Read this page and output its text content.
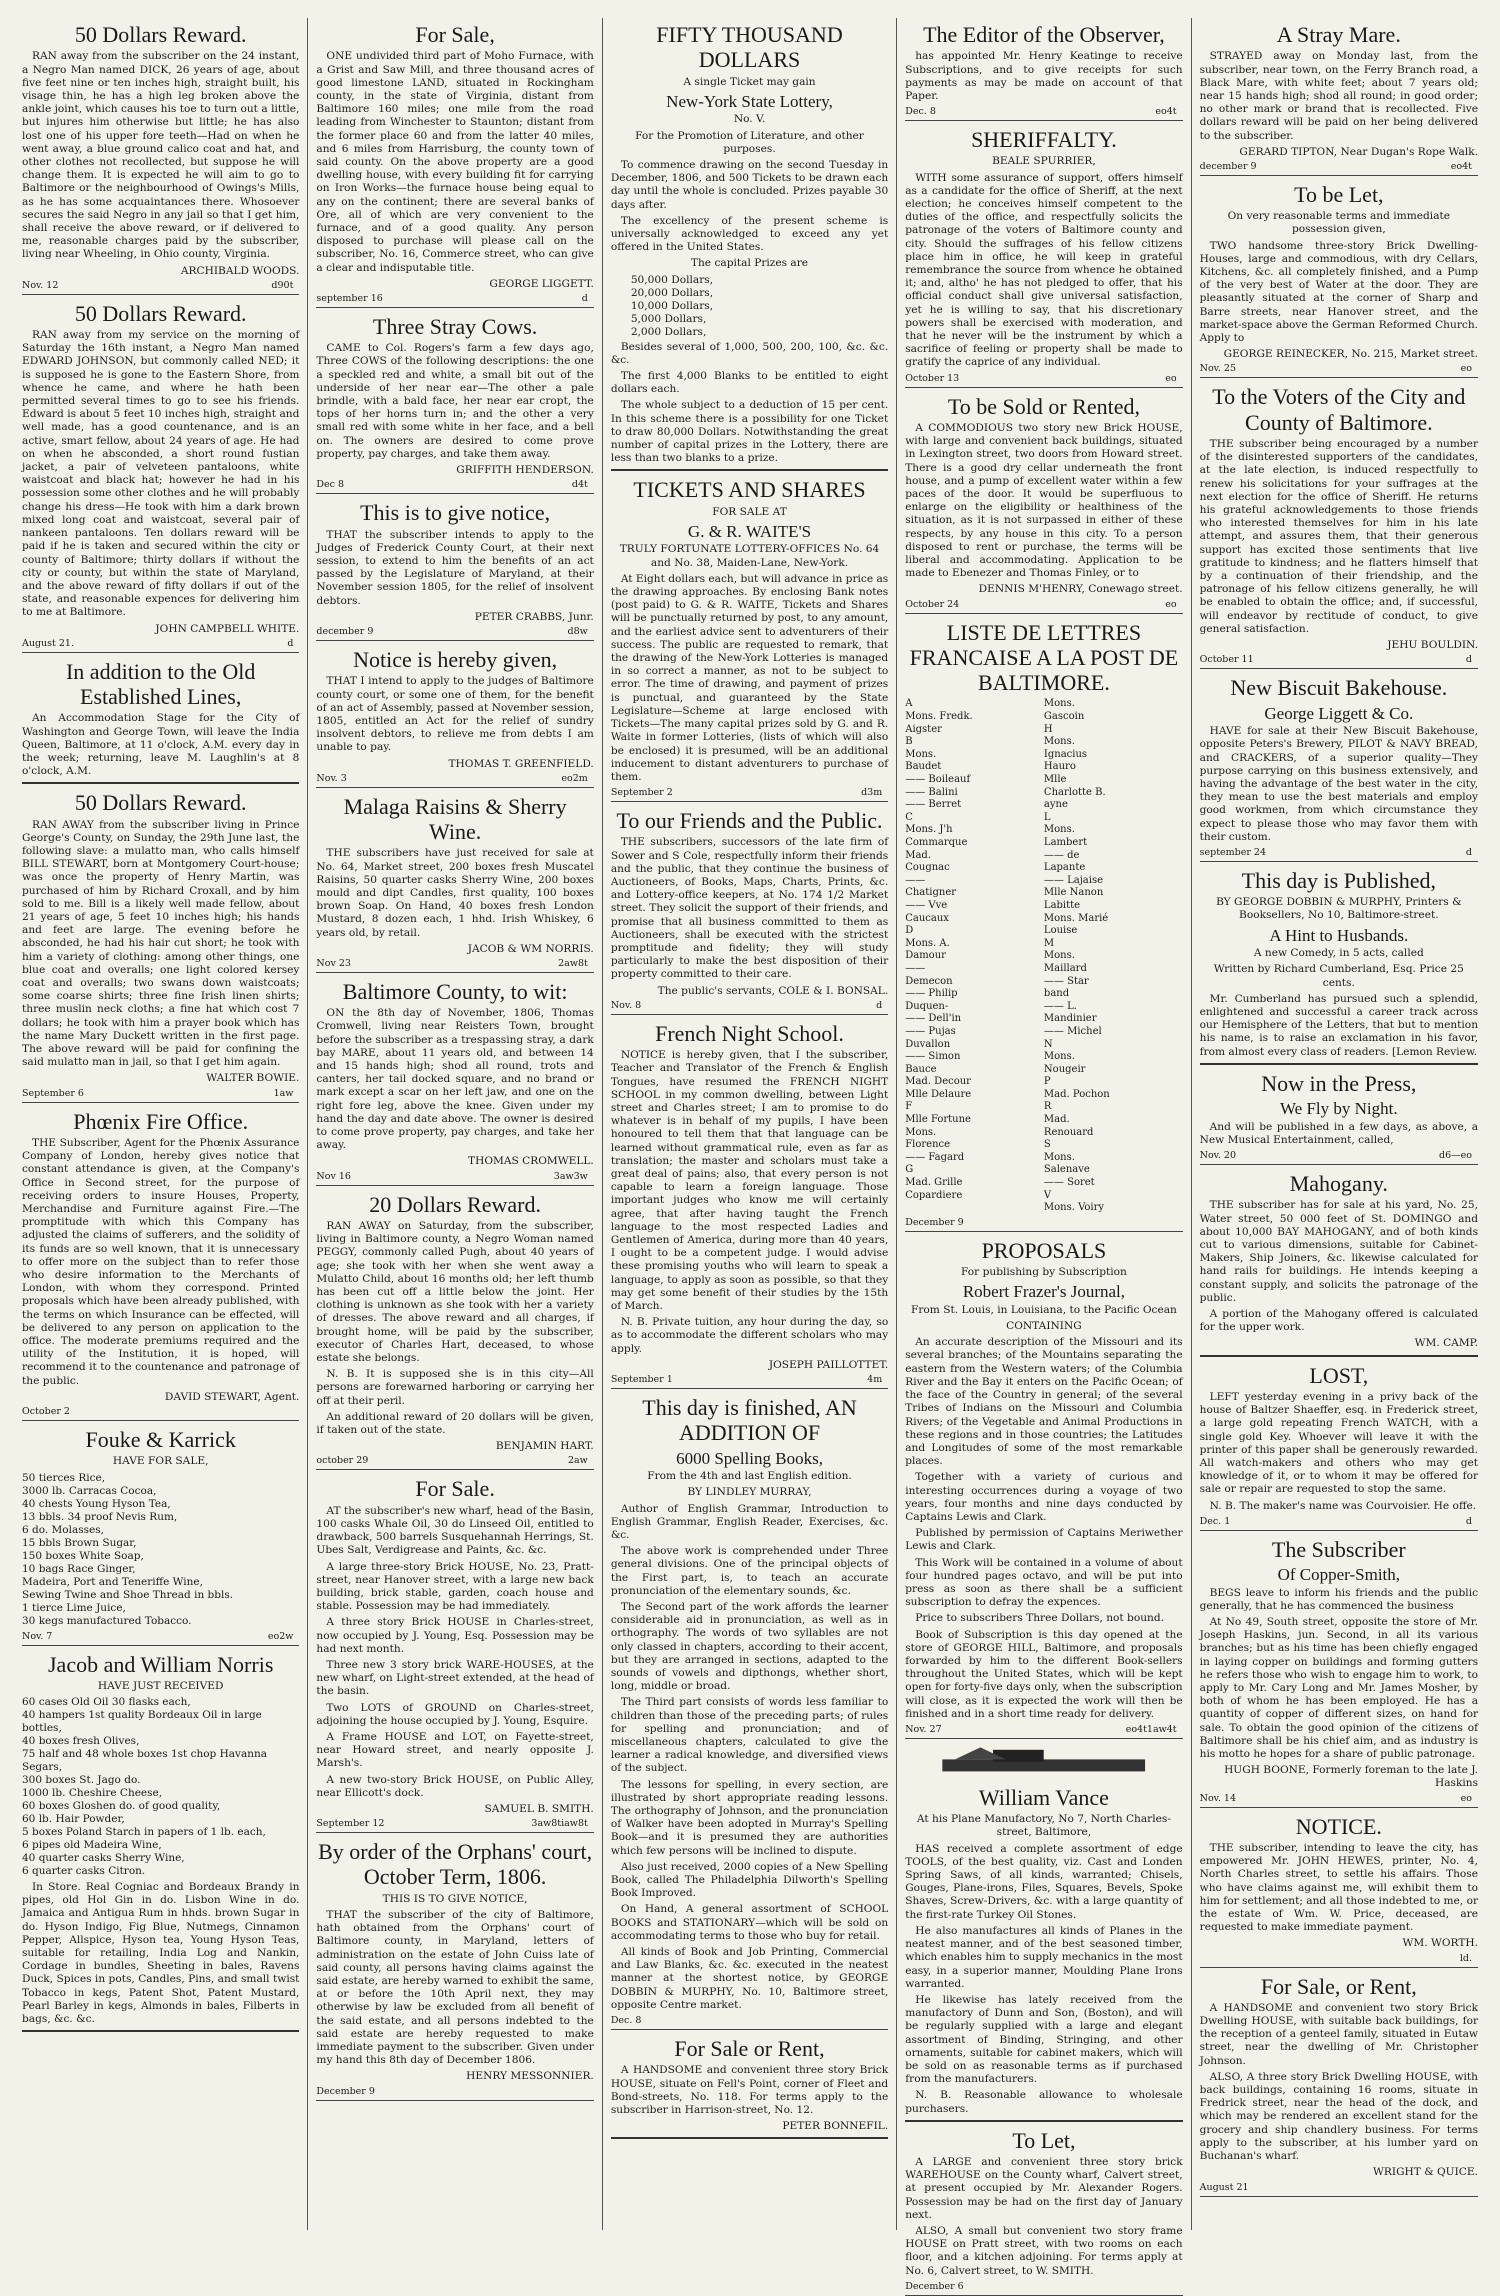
50 Dollars Reward.

RAN away from the subscriber on the 24 instant, a Negro Man named DICK, 26 years of age, about five feet nine or ten inches high, straight built, his visage thin, he has a high leg broken above the ankle joint, which causes his toe to turn out a little, but injures him otherwise but little; he has also lost one of his upper fore teeth—Had on when he went away, a blue ground calico coat and hat, and other clothes not recollected, but suppose he will change them. It is expected he will aim to go to Baltimore or the neighbourhood of Owings's Mills, as he has some acquaintances there. Whosoever secures the said Negro in any jail so that I get him, shall receive the above reward, or if delivered to me, reasonable charges paid by the subscriber, living near Wheeling, in Ohio county, Virginia.

ARCHIBALD WOODS.

Nov. 12	d90t
50 Dollars Reward.

RAN away from my service on the morning of Saturday the 16th instant, a Negro Man named EDWARD JOHNSON, but commonly called NED; it is supposed he is gone to the Eastern Shore, from whence he came, and where he hath been permitted several times to go to see his friends. Edward is about 5 feet 10 inches high, straight and well made, has a good countenance, and is an active, smart fellow, about 24 years of age. He had on when he absconded, a short round fustian jacket, a pair of velveteen pantaloons, white waistcoat and black hat; however he had in his possession some other clothes and he will probably change his dress—He took with him a dark brown mixed long coat and waistcoat, several pair of nankeen pantaloons. Ten dollars reward will be paid if he is taken and secured within the city or county of Baltimore; thirty dollars if without the city or county, but within the state of Maryland, and the above reward of fifty dollars if out of the state, and reasonable expences for delivering him to me at Baltimore.

JOHN CAMPBELL WHITE.

August 21.	d
In addition to the Old Established Lines,

An Accommodation Stage for the City of Washington and George Town, will leave the India Queen, Baltimore, at 11 o'clock, A.M. every day in the week; returning, leave M. Laughlin's at 8 o'clock, A.M.

50 Dollars Reward.

RAN AWAY from the subscriber living in Prince George's County, on Sunday, the 29th June last, the following slave: a mulatto man, who calls himself BILL STEWART, born at Montgomery Court-house; was once the property of Henry Martin, was purchased of him by Richard Croxall, and by him sold to me. Bill is a likely well made fellow, about 21 years of age, 5 feet 10 inches high; his hands and feet are large. The evening before he absconded, he had his hair cut short; he took with him a variety of clothing: among other things, one blue coat and overalls; one light colored kersey coat and overalls; two swans down waistcoats; some coarse shirts; three fine Irish linen shirts; three muslin neck cloths; a fine hat which cost 7 dollars; he took with him a prayer book which has the name Mary Duckett written in the first page. The above reward will be paid for confining the said mulatto man in jail, so that I get him again.

WALTER BOWIE.

September 6	1aw
Phœnix Fire Office.

THE Subscriber, Agent for the Phœnix Assurance Company of London, hereby gives notice that constant attendance is given, at the Company's Office in Second street, for the purpose of receiving orders to insure Houses, Property, Merchandise and Furniture against Fire.—The promptitude with which this Company has adjusted the claims of sufferers, and the solidity of its funds are so well known, that it is unnecessary to offer more on the subject than to refer those who desire information to the Merchants of London, with whom they correspond. Printed proposals which have been already published, with the terms on which Insurance can be effected, will be delivered to any person on application to the office. The moderate premiums required and the utility of the Institution, it is hoped, will recommend it to the countenance and patronage of the public.

DAVID STEWART, Agent.

October 2
Fouke & Karrick

HAVE FOR SALE,

50 tierces Rice,
3000 lb. Carracas Cocoa,
40 chests Young Hyson Tea,
13 bbls. 34 proof Nevis Rum,
6 do. Molasses,
15 bbls Brown Sugar,
150 boxes White Soap,
10 bags Race Ginger,
Madeira, Port and Teneriffe Wine,
Sewing Twine and Shoe Thread in bbls.
1 tierce Lime Juice,
30 kegs manufactured Tobacco.
Nov. 7	eo2w
Jacob and William Norris

HAVE JUST RECEIVED

60 cases Old Oil 30 flasks each,
40 hampers 1st quality Bordeaux Oil in large bottles,
40 boxes fresh Olives,
75 half and 48 whole boxes 1st chop Havanna Segars,
300 boxes St. Jago do.
1000 lb. Cheshire Cheese,
60 boxes Gloshen do. of good quality,
60 lb. Hair Powder,
5 boxes Poland Starch in papers of 1 lb. each,
6 pipes old Madeira Wine,
40 quarter casks Sherry Wine,
6 quarter casks Citron.

In Store. Real Cogniac and Bordeaux Brandy in pipes, old Hol Gin in do. Lisbon Wine in do. Jamaica and Antigua Rum in hhds. brown Sugar in do. Hyson Indigo, Fig Blue, Nutmegs, Cinnamon Pepper, Allspice, Hyson tea, Young Hyson Teas, suitable for retailing, India Log and Nankin, Cordage in bundles, Sheeting in bales, Ravens Duck, Spices in pots, Candles, Pins, and small twist Tobacco in kegs, Patent Shot, Patent Mustard, Pearl Barley in kegs, Almonds in bales, Filberts in bags, &c. &c.

For Sale,

ONE undivided third part of Moho Furnace, with a Grist and Saw Mill, and three thousand acres of good limestone LAND, situated in Rockingham county, in the state of Virginia, distant from Baltimore 160 miles; one mile from the road leading from Winchester to Staunton; distant from the former place 60 and from the latter 40 miles, and 6 miles from Harrisburg, the county town of said county. On the above property are a good dwelling house, with every building fit for carrying on Iron Works—the furnace house being equal to any on the continent; there are several banks of Ore, all of which are very convenient to the furnace, and of a good quality. Any person disposed to purchase will please call on the subscriber, No. 16, Commerce street, who can give a clear and indisputable title.

GEORGE LIGGETT.

september 16	d
Three Stray Cows.

CAME to Col. Rogers's farm a few days ago, Three COWS of the following descriptions: the one a speckled red and white, a small bit out of the underside of her near ear—The other a pale brindle, with a bald face, her near ear cropt, the tops of her horns turn in; and the other a very small red with some white in her face, and a bell on. The owners are desired to come prove property, pay charges, and take them away.

GRIFFITH HENDERSON.

Dec 8	d4t
This is to give notice,

THAT the subscriber intends to apply to the Judges of Frederick County Court, at their next session, to extend to him the benefits of an act passed by the Legislature of Maryland, at their November session 1805, for the relief of insolvent debtors.

PETER CRABBS, Junr.

december 9	d8w
Notice is hereby given,

THAT I intend to apply to the judges of Baltimore county court, or some one of them, for the benefit of an act of Assembly, passed at November session, 1805, entitled an Act for the relief of sundry insolvent debtors, to relieve me from debts I am unable to pay.

THOMAS T. GREENFIELD.

Nov. 3	eo2m
Malaga Raisins & Sherry Wine.

THE subscribers have just received for sale at No. 64, Market street, 200 boxes fresh Muscatel Raisins, 50 quarter casks Sherry Wine, 200 boxes mould and dipt Candles, first quality, 100 boxes brown Soap. On Hand, 40 boxes fresh London Mustard, 8 dozen each, 1 hhd. Irish Whiskey, 6 years old, by retail.

JACOB & WM NORRIS.

Nov 23	2aw8t
Baltimore County, to wit:

ON the 8th day of November, 1806, Thomas Cromwell, living near Reisters Town, brought before the subscriber as a trespassing stray, a dark bay MARE, about 11 years old, and between 14 and 15 hands high; shod all round, trots and canters, her tail docked square, and no brand or mark except a scar on her left jaw, and one on the right fore leg, above the knee. Given under my hand the day and date above. The owner is desired to come prove property, pay charges, and take her away.

THOMAS CROMWELL.

Nov 16	3aw3w
20 Dollars Reward.

RAN AWAY on Saturday, from the subscriber, living in Baltimore county, a Negro Woman named PEGGY, commonly called Pugh, about 40 years of age; she took with her when she went away a Mulatto Child, about 16 months old; her left thumb has been cut off a little below the joint. Her clothing is unknown as she took with her a variety of dresses. The above reward and all charges, if brought home, will be paid by the subscriber, executor of Charles Hart, deceased, to whose estate she belongs.

N. B. It is supposed she is in this city—All persons are forewarned harboring or carrying her off at their peril.

An additional reward of 20 dollars will be given, if taken out of the state.

BENJAMIN HART.

october 29	2aw
For Sale.

AT the subscriber's new wharf, head of the Basin, 100 casks Whale Oil, 30 do Linseed Oil, entitled to drawback, 500 barrels Susquehannah Herrings, St. Ubes Salt, Verdigrease and Paints, &c. &c.

A large three-story Brick HOUSE, No. 23, Pratt-street, near Hanover street, with a large new back building, brick stable, garden, coach house and stable. Possession may be had immediately.

A three story Brick HOUSE in Charles-street, now occupied by J. Young, Esq. Possession may be had next month.

Three new 3 story brick WARE-HOUSES, at the new wharf, on Light-street extended, at the head of the basin.

Two LOTS of GROUND on Charles-street, adjoining the house occupied by J. Young, Esquire.

A Frame HOUSE and LOT, on Fayette-street, near Howard street, and nearly opposite J. Marsh's.

A new two-story Brick HOUSE, on Public Alley, near Ellicott's dock.

SAMUEL B. SMITH.

September 12	3aw8tiaw8t
By order of the Orphans' court, October Term, 1806.

THIS IS TO GIVE NOTICE,

THAT the subscriber of the city of Baltimore, hath obtained from the Orphans' court of Baltimore county, in Maryland, letters of administration on the estate of John Cuiss late of said county, all persons having claims against the said estate, are hereby warned to exhibit the same, at or before the 10th April next, they may otherwise by law be excluded from all benefit of the said estate, and all persons indebted to the said estate are hereby requested to make immediate payment to the subscriber. Given under my hand this 8th day of December 1806.

HENRY MESSONNIER.

December 9
FIFTY THOUSAND DOLLARS

A single Ticket may gain

New-York State Lottery,

No. V.

For the Promotion of Literature, and other purposes.

To commence drawing on the second Tuesday in December, 1806, and 500 Tickets to be drawn each day until the whole is concluded. Prizes payable 30 days after.

The excellency of the present scheme is universally acknowledged to exceed any yet offered in the United States.

The capital Prizes are

50,000 Dollars,
20,000 Dollars,
10,000 Dollars,
5,000 Dollars,
2,000 Dollars,

Besides several of 1,000, 500, 200, 100, &c. &c. &c.

The first 4,000 Blanks to be entitled to eight dollars each.

The whole subject to a deduction of 15 per cent. In this scheme there is a possibility for one Ticket to draw 80,000 Dollars. Notwithstanding the great number of capital prizes in the Lottery, there are less than two blanks to a prize.

TICKETS AND SHARES

FOR SALE AT

G. & R. WAITE'S

TRULY FORTUNATE LOTTERY-OFFICES No. 64 and No. 38, Maiden-Lane, New-York.

At Eight dollars each, but will advance in price as the drawing approaches. By enclosing Bank notes (post paid) to G. & R. WAITE, Tickets and Shares will be punctually returned by post, to any amount, and the earliest advice sent to adventurers of their success. The public are requested to remark, that the drawing of the New-York Lotteries is managed in so correct a manner, as not to be subject to error. The time of drawing, and payment of prizes is punctual, and guaranteed by the State Legislature—Scheme at large enclosed with Tickets—The many capital prizes sold by G. and R. Waite in former Lotteries, (lists of which will also be enclosed) it is presumed, will be an additional inducement to distant adventurers to purchase of them.

September 2	d3m
To our Friends and the Public.

THE subscribers, successors of the late firm of Sower and S Cole, respectfully inform their friends and the public, that they continue the business of Auctioneers, of Books, Maps, Charts, Prints, &c. and Lottery-office keepers, at No. 174 1/2 Market street. They solicit the support of their friends, and promise that all business committed to them as Auctioneers, shall be executed with the strictest promptitude and fidelity; they will study particularly to make the best disposition of their property committed to their care.

The public's servants, COLE & I. BONSAL.

Nov. 8	d
French Night School.

NOTICE is hereby given, that I the subscriber, Teacher and Translator of the French & English Tongues, have resumed the FRENCH NIGHT SCHOOL in my common dwelling, between Light street and Charles street; I am to promise to do whatever is in behalf of my pupils, I have been honoured to tell them that that language can be learned without grammatical rule, even as far as translation; the master and scholars must take a great deal of pains; also, that every person is not capable to learn a foreign language. Those important judges who know me will certainly agree, that after having taught the French language to the most respected Ladies and Gentlemen of America, during more than 40 years, I ought to be a competent judge. I would advise these promising youths who will learn to speak a language, to apply as soon as possible, so that they may get some benefit of their studies by the 15th of March.

N. B. Private tuition, any hour during the day, so as to accommodate the different scholars who may apply.

JOSEPH PAILLOTTET.

September 1	4m
This day is finished, AN ADDITION OF
6000 Spelling Books,

From the 4th and last English edition.

BY LINDLEY MURRAY,

Author of English Grammar, Introduction to English Grammar, English Reader, Exercises, &c. &c.

The above work is comprehended under Three general divisions. One of the principal objects of the First part, is, to teach an accurate pronunciation of the elementary sounds, &c.

The Second part of the work affords the learner considerable aid in pronunciation, as well as in orthography. The words of two syllables are not only classed in chapters, according to their accent, but they are arranged in sections, adapted to the sounds of vowels and dipthongs, whether short, long, middle or broad.

The Third part consists of words less familiar to children than those of the preceding parts; of rules for spelling and pronunciation; and of miscellaneous chapters, calculated to give the learner a radical knowledge, and diversified views of the subject.

The lessons for spelling, in every section, are illustrated by short appropriate reading lessons. The orthography of Johnson, and the pronunciation of Walker have been adopted in Murray's Spelling Book—and it is presumed they are authorities which few persons will be inclined to dispute.

Also just received, 2000 copies of a New Spelling Book, called The Philadelphia Dilworth's Spelling Book Improved.

On Hand, A general assortment of SCHOOL BOOKS and STATIONARY—which will be sold on accommodating terms to those who buy for retail.

All kinds of Book and Job Printing, Commercial and Law Blanks, &c. &c. executed in the neatest manner at the shortest notice, by GEORGE DOBBIN & MURPHY, No. 10, Baltimore street, opposite Centre market.

Dec. 8
For Sale or Rent,

A HANDSOME and convenient three story Brick HOUSE, situate on Fell's Point, corner of Fleet and Bond-streets, No. 118. For terms apply to the subscriber in Harrison-street, No. 12.

PETER BONNEFIL.

The Editor of the Observer,

has appointed Mr. Henry Keatinge to receive Subscriptions, and to give receipts for such payments as may be made on account of that Paper.

Dec. 8	eo4t
SHERIFFALTY.

BEALE SPURRIER,

WITH some assurance of support, offers himself as a candidate for the office of Sheriff, at the next election; he conceives himself competent to the duties of the office, and respectfully solicits the patronage of the voters of Baltimore county and city. Should the suffrages of his fellow citizens place him in office, he will keep in grateful remembrance the source from whence he obtained it; and, altho' he has not pledged to offer, that his official conduct shall give universal satisfaction, yet he is willing to say, that his discretionary powers shall be exercised with moderation, and that he never will be the instrument by which a sacrifice of feeling or property shall be made to gratify the caprice of any individual.

October 13	eo
To be Sold or Rented,

A COMMODIOUS two story new Brick HOUSE, with large and convenient back buildings, situated in Lexington street, two doors from Howard street. There is a good dry cellar underneath the front house, and a pump of excellent water within a few paces of the door. It would be superfluous to enlarge on the eligibility or healthiness of the situation, as it is not surpassed in either of these respects, by any house in this city. To a person disposed to rent or purchase, the terms will be liberal and accommodating. Application to be made to Ebenezer and Thomas Finley, or to

DENNIS M'HENRY, Conewago street.

October 24	eo
LISTE DE LETTRES FRANCAISE A LA POST DE BALTIMORE.
A
Mons. Fredk. Aigster
B
Mons. Baudet
—— Boileauf
—— Balini
—— Berret
C
Mons. J'h Commarque
Mad. Cougnac
—— Chatigner
—— Vve Caucaux
D
Mons. A. Damour
—— Demecon
—— Philip Duquen-
—— Dell'in
—— Pujas Duvallon
—— Simon Bauce
Mad. Decour
Mlle Delaure
F
Mlle Fortune
Mons. Florence
—— Fagard
G
Mad. Grille Copardiere
Mons. Gascoin
H
Mons. Ignacius Hauro
Mlle Charlotte B. ayne
L
Mons. Lambert
—— de Lapante
—— Lajaise
Mlle Nanon Labitte
Mons. Marié Louise
M
Mons. Maillard
—— Star band
—— L. Mandinier
—— Michel
N
Mons. Nougeir
P
Mad. Pochon
R
Mad. Renouard
S
Mons. Salenave
—— Soret
V
Mons. Voiry
December 9
PROPOSALS

For publishing by Subscription

Robert Frazer's Journal,

From St. Louis, in Louisiana, to the Pacific Ocean

CONTAINING

An accurate description of the Missouri and its several branches; of the Mountains separating the eastern from the Western waters; of the Columbia River and the Bay it enters on the Pacific Ocean; of the face of the Country in general; of the several Tribes of Indians on the Missouri and Columbia Rivers; of the Vegetable and Animal Productions in these regions and in those countries; the Latitudes and Longitudes of some of the most remarkable places.

Together with a variety of curious and interesting occurrences during a voyage of two years, four months and nine days conducted by Captains Lewis and Clark.

Published by permission of Captains Meriwether Lewis and Clark.

This Work will be contained in a volume of about four hundred pages octavo, and will be put into press as soon as there shall be a sufficient subscription to defray the expences.

Price to subscribers Three Dollars, not bound.

Book of Subscription is this day opened at the store of GEORGE HILL, Baltimore, and proposals forwarded by him to the different Book-sellers throughout the United States, which will be kept open for forty-five days only, when the subscription will close, as it is expected the work will then be finished and in a short time ready for delivery.

Nov. 27	eo4t1aw4t
William Vance

At his Plane Manufactory, No 7, North Charles-street, Baltimore,

HAS received a complete assortment of edge TOOLS, of the best quality, viz. Cast and Londen Spring Saws, of all kinds, warranted; Chisels, Gouges, Plane-irons, Files, Squares, Bevels, Spoke Shaves, Screw-Drivers, &c. with a large quantity of the first-rate Turkey Oil Stones.

He also manufactures all kinds of Planes in the neatest manner, and of the best seasoned timber, which enables him to supply mechanics in the most easy, in a superior manner, Moulding Plane Irons warranted.

He likewise has lately received from the manufactory of Dunn and Son, (Boston), and will be regularly supplied with a large and elegant assortment of Binding, Stringing, and other ornaments, suitable for cabinet makers, which will be sold on as reasonable terms as if purchased from the manufacturers.

N. B. Reasonable allowance to wholesale purchasers.

To Let,

A LARGE and convenient three story brick WAREHOUSE on the County wharf, Calvert street, at present occupied by Mr. Alexander Rogers. Possession may be had on the first day of January next.

ALSO, A small but convenient two story frame HOUSE on Pratt street, with two rooms on each floor, and a kitchen adjoining. For terms apply at No. 6, Calvert street, to W. SMITH.

December 6
A Stray Mare.

STRAYED away on Monday last, from the subscriber, near town, on the Ferry Branch road, a Black Mare, with white feet; about 7 years old; near 15 hands high; shod all round; in good order; no other mark or brand that is recollected. Five dollars reward will be paid on her being delivered to the subscriber.

GERARD TIPTON, Near Dugan's Rope Walk.

december 9	eo4t
To be Let,

On very reasonable terms and immediate possession given,

TWO handsome three-story Brick Dwelling-Houses, large and commodious, with dry Cellars, Kitchens, &c. all completely finished, and a Pump of the very best of Water at the door. They are pleasantly situated at the corner of Sharp and Barre streets, near Hanover street, and the market-space above the German Reformed Church. Apply to

GEORGE REINECKER, No. 215, Market street.

Nov. 25	eo
To the Voters of the City and County of Baltimore.

THE subscriber being encouraged by a number of the disinterested supporters of the candidates, at the late election, is induced respectfully to renew his solicitations for your suffrages at the next election for the office of Sheriff. He returns his grateful acknowledgements to those friends who interested themselves for him in his late attempt, and assures them, that their generous support has excited those sentiments that live gratitude to kindness; and he flatters himself that by a continuation of their friendship, and the patronage of his fellow citizens generally, he will be enabled to obtain the office; and, if successful, will endeavor by rectitude of conduct, to give general satisfaction.

JEHU BOULDIN.

October 11	d
New Biscuit Bakehouse.
George Liggett & Co.

HAVE for sale at their New Biscuit Bakehouse, opposite Peters's Brewery, PILOT & NAVY BREAD, and CRACKERS, of a superior quality—They purpose carrying on this business extensively, and having the advantage of the best water in the city, they mean to use the best materials and employ good workmen, from which circumstance they expect to please those who may favor them with their custom.

september 24	d
This day is Published,

BY GEORGE DOBBIN & MURPHY, Printers & Booksellers, No 10, Baltimore-street.

A Hint to Husbands.

A new Comedy, in 5 acts, called

Written by Richard Cumberland, Esq. Price 25 cents.

Mr. Cumberland has pursued such a splendid, enlightened and successful a career track across our Hemisphere of the Letters, that but to mention his name, is to raise an exclamation in his favor, from almost every class of readers. [Lemon Review.

Now in the Press,
We Fly by Night.

And will be published in a few days, as above, a New Musical Entertainment, called,

Nov. 20	d6—eo
Mahogany.

THE subscriber has for sale at his yard, No. 25, Water street, 50 000 feet of St. DOMINGO and about 10,000 BAY MAHOGANY, and of both kinds cut to various dimensions, suitable for Cabinet-Makers, Ship Joiners, &c. likewise calculated for hand rails for buildings. He intends keeping a constant supply, and solicits the patronage of the public.

A portion of the Mahogany offered is calculated for the upper work.

WM. CAMP.

LOST,

LEFT yesterday evening in a privy back of the house of Baltzer Shaeffer, esq. in Frederick street, a large gold repeating French WATCH, with a single gold Key. Whoever will leave it with the printer of this paper shall be generously rewarded. All watch-makers and others who may get knowledge of it, or to whom it may be offered for sale or repair are requested to stop the same.

N. B. The maker's name was Courvoisier. He offe.

Dec. 1	d
The Subscriber
Of Copper-Smith,

BEGS leave to inform his friends and the public generally, that he has commenced the business

At No 49, South street, opposite the store of Mr. Joseph Haskins, jun. Second, in all its various branches; but as his time has been chiefly engaged in laying copper on buildings and forming gutters he refers those who wish to engage him to work, to apply to Mr. Cary Long and Mr. James Mosher, by both of whom he has been employed. He has a quantity of copper of different sizes, on hand for sale. To obtain the good opinion of the citizens of Baltimore shall be his chief aim, and as industry is his motto he hopes for a share of public patronage.

HUGH BOONE, Formerly foreman to the late J. Haskins

Nov. 14	eo
NOTICE.

THE subscriber, intending to leave the city, has empowered Mr. JOHN HEWES, printer, No. 4, North Charles street, to settle his affairs. Those who have claims against me, will exhibit them to him for settlement; and all those indebted to me, or the estate of Wm. W. Price, deceased, are requested to make immediate payment.

WM. WORTH.

ld.
For Sale, or Rent,

A HANDSOME and convenient two story Brick Dwelling HOUSE, with suitable back buildings, for the reception of a genteel family, situated in Eutaw street, near the dwelling of Mr. Christopher Johnson.

ALSO, A three story Brick Dwelling HOUSE, with back buildings, containing 16 rooms, situate in Fredrick street, near the head of the dock, and which may be rendered an excellent stand for the grocery and ship chandlery business. For terms apply to the subscriber, at his lumber yard on Buchanan's wharf.

WRIGHT & QUICE.

August 21
